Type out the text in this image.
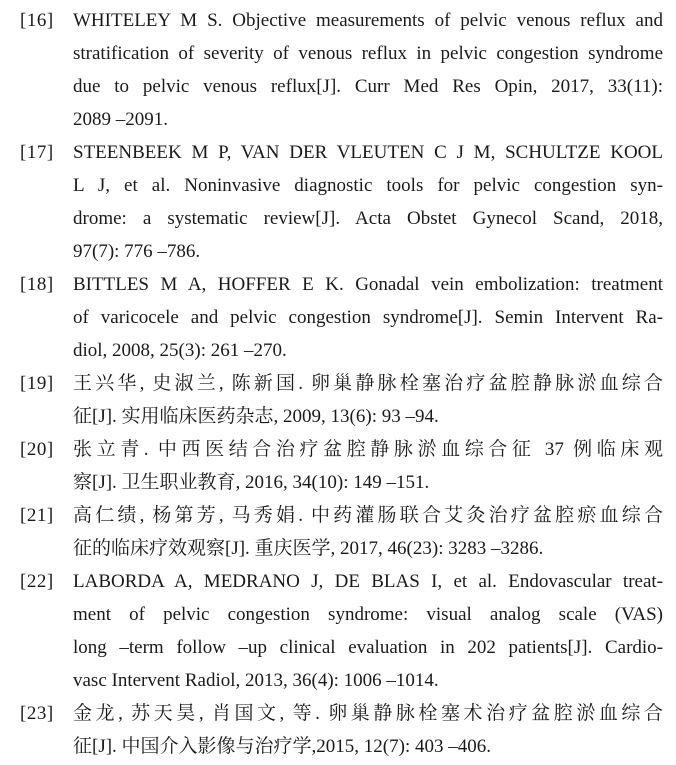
[16] WHITELEY M S. Objective measurements of pelvic venous reflux and
stratification of severity of venous reflux in pelvic congestion syndrome
due to pelvic venous reflux[J]. Curr Med Res Opin, 2017, 33(11):
2089 –2091.
[17] STEENBEEK M P, VAN DER VLEUTEN C J M, SCHULTZE KOOL
L J, et al. Noninvasive diagnostic tools for pelvic congestion syn-
drome: a systematic review[J]. Acta Obstet Gynecol Scand, 2018,
97(7): 776 –786.
[18] BITTLES M A, HOFFER E K. Gonadal vein embolization: treatment
of varicocele and pelvic congestion syndrome[J]. Semin Intervent Ra-
diol, 2008, 25(3): 261 –270.
[19] 王兴华, 史淑兰, 陈新国. 卵巢静脉栓塞治疗盆腔静脉淤血综合
征[J]. 实用临床医药杂志, 2009, 13(6): 93 –94.
[20] 张立青. 中西医结合治疗盆腔静脉淤血综合征 37 例临床观
察[J]. 卫生职业教育, 2016, 34(10): 149 –151.
[21] 高仁绩, 杨第芳, 马秀娟. 中药灌肠联合艾灸治疗盆腔瘀血综合
征的临床疗效观察[J]. 重庆医学, 2017, 46(23): 3283 –3286.
[22] LABORDA A, MEDRANO J, DE BLAS I, et al. Endovascular treat-
ment of pelvic congestion syndrome: visual analog scale (VAS)
long –term follow –up clinical evaluation in 202 patients[J]. Cardio-
vasc Intervent Radiol, 2013, 36(4): 1006 –1014.
[23] 金龙, 苏天昊, 肖国文, 等. 卵巢静脉栓塞术治疗盆腔淤血综合
征[J]. 中国介入影像与治疗学,2015, 12(7): 403 –406.
